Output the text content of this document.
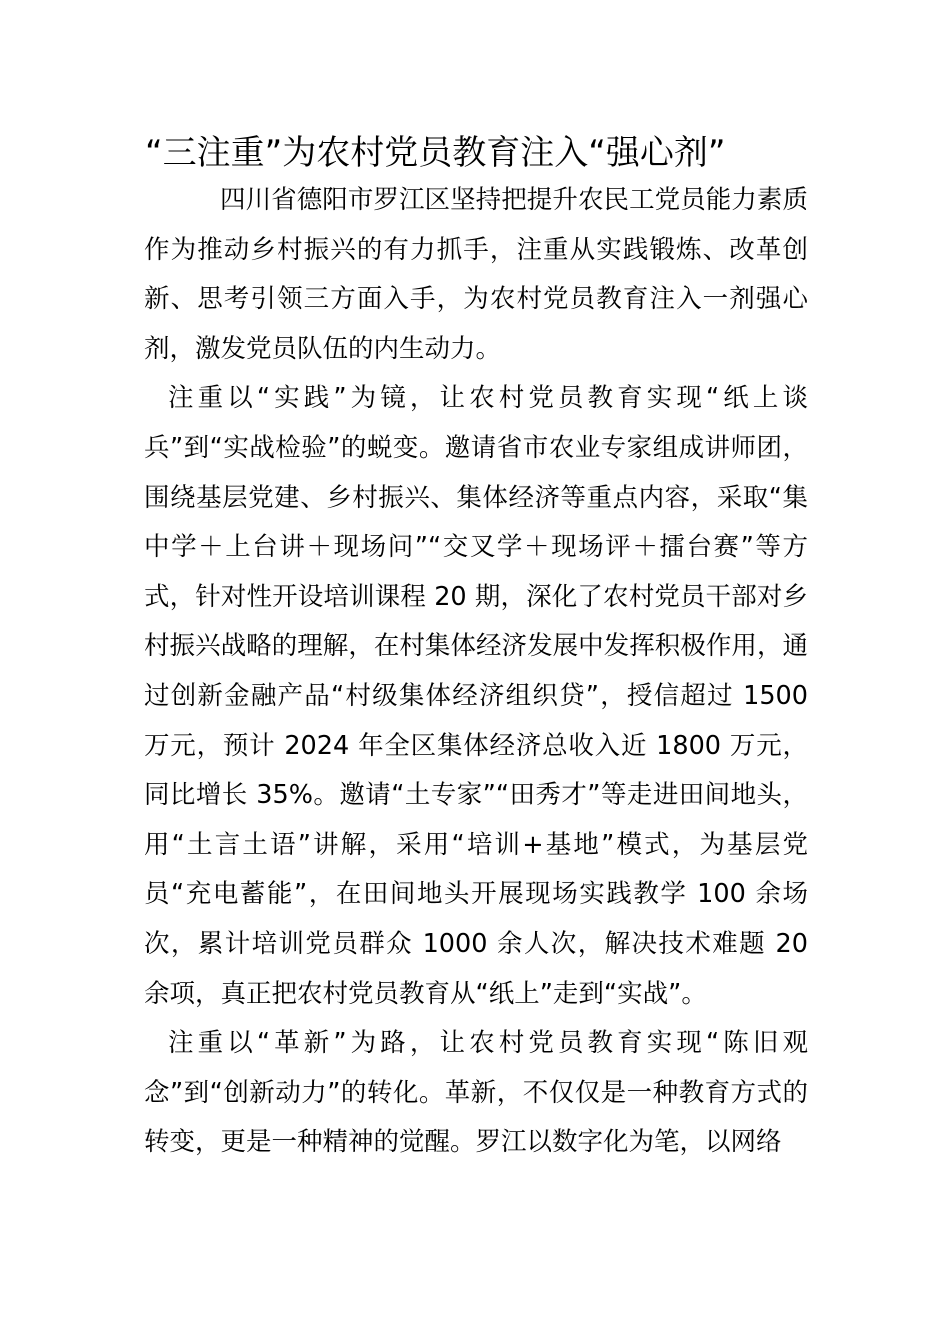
“三注重”为农村党员教育注入“强心剂”

四川省德阳市罗江区坚持把提升农民工党员能力素质作为推动乡村振兴的有力抓手，注重从实践锻炼、改革创新、思考引领三方面入手，为农村党员教育注入一剂强心剂，激发党员队伍的内生动力。

注重以“实践”为镜，让农村党员教育实现“纸上谈兵”到“实战检验”的蜕变。邀请省市农业专家组成讲师团，围绕基层党建、乡村振兴、集体经济等重点内容，采取“集中学＋上台讲＋现场问”“交叉学＋现场评＋擂台赛”等方式，针对性开设培训课程 20 期，深化了农村党员干部对乡村振兴战略的理解，在村集体经济发展中发挥积极作用，通过创新金融产品“村级集体经济组织贷”，授信超过 1500 万元，预计 2024 年全区集体经济总收入近 1800 万元，同比增长 35%。邀请“土专家”“田秀才”等走进田间地头，用“土言土语”讲解，采用“培训+基地”模式，为基层党员“充电蓄能”，在田间地头开展现场实践教学 100 余场次，累计培训党员群众 1000 余人次，解决技术难题 20 余项，真正把农村党员教育从“纸上”走到“实战”。

注重以“革新”为路，让农村党员教育实现“陈旧观念”到“创新动力”的转化。革新，不仅仅是一种教育方式的转变，更是一种精神的觉醒。罗江以数字化为笔，以网络
